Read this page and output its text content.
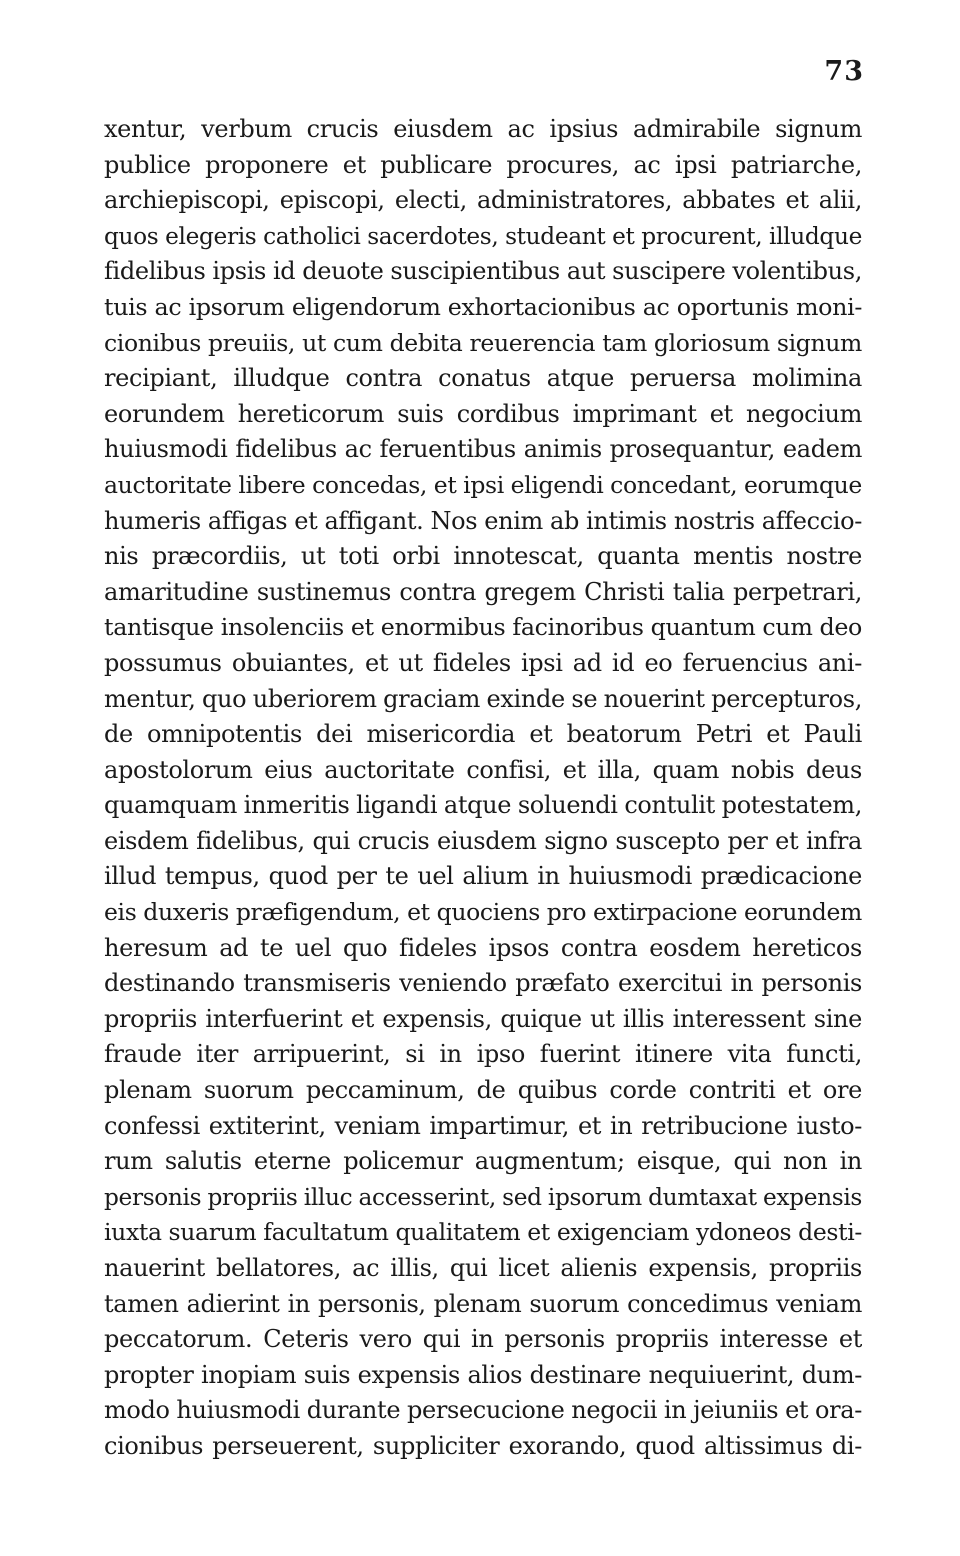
73
xentur, verbum crucis eiusdem ac ipsius admirabile signum
publice proponere et publicare procures, ac ipsi patriarche,
archiepiscopi, episcopi, electi, administratores, abbates et alii,
quos elegeris catholici sacerdotes, studeant et procurent, illudque
fidelibus ipsis id deuote suscipientibus aut suscipere volentibus,
tuis ac ipsorum eligendorum exhortacionibus ac oportunis moni-
cionibus preuiis, ut cum debita reuerencia tam gloriosum signum
recipiant, illudque contra conatus atque peruersa molimina
eorundem hereticorum suis cordibus imprimant et negocium
huiusmodi fidelibus ac feruentibus animis prosequantur, eadem
auctoritate libere concedas, et ipsi eligendi concedant, eorumque
humeris affigas et affigant. Nos enim ab intimis nostris affeccio-
nis præcordiis, ut toti orbi innotescat, quanta mentis nostre
amaritudine sustinemus contra gregem Christi talia perpetrari,
tantisque insolenciis et enormibus facinoribus quantum cum deo
possumus obuiantes, et ut fideles ipsi ad id eo feruencius ani-
mentur, quo uberiorem graciam exinde se nouerint percepturos,
de omnipotentis dei misericordia et beatorum Petri et Pauli
apostolorum eius auctoritate confisi, et illa, quam nobis deus
quamquam inmeritis ligandi atque soluendi contulit potestatem,
eisdem fidelibus, qui crucis eiusdem signo suscepto per et infra
illud tempus, quod per te uel alium in huiusmodi prædicacione
eis duxeris præfigendum, et quociens pro extirpacione eorundem
heresum ad te uel quo fideles ipsos contra eosdem hereticos
destinando transmiseris veniendo præfato exercitui in personis
propriis interfuerint et expensis, quique ut illis interessent sine
fraude iter arripuerint, si in ipso fuerint itinere vita functi,
plenam suorum peccaminum, de quibus corde contriti et ore
confessi extiterint, veniam impartimur, et in retribucione iusto-
rum salutis eterne policemur augmentum; eisque, qui non in
personis propriis illuc accesserint, sed ipsorum dumtaxat expensis
iuxta suarum facultatum qualitatem et exigenciam ydoneos desti-
nauerint bellatores, ac illis, qui licet alienis expensis, propriis
tamen adierint in personis, plenam suorum concedimus veniam
peccatorum. Ceteris vero qui in personis propriis interesse et
propter inopiam suis expensis alios destinare nequiuerint, dum-
modo huiusmodi durante persecucione negocii in jeiuniis et ora-
cionibus perseuerent, suppliciter exorando, quod altissimus di-
